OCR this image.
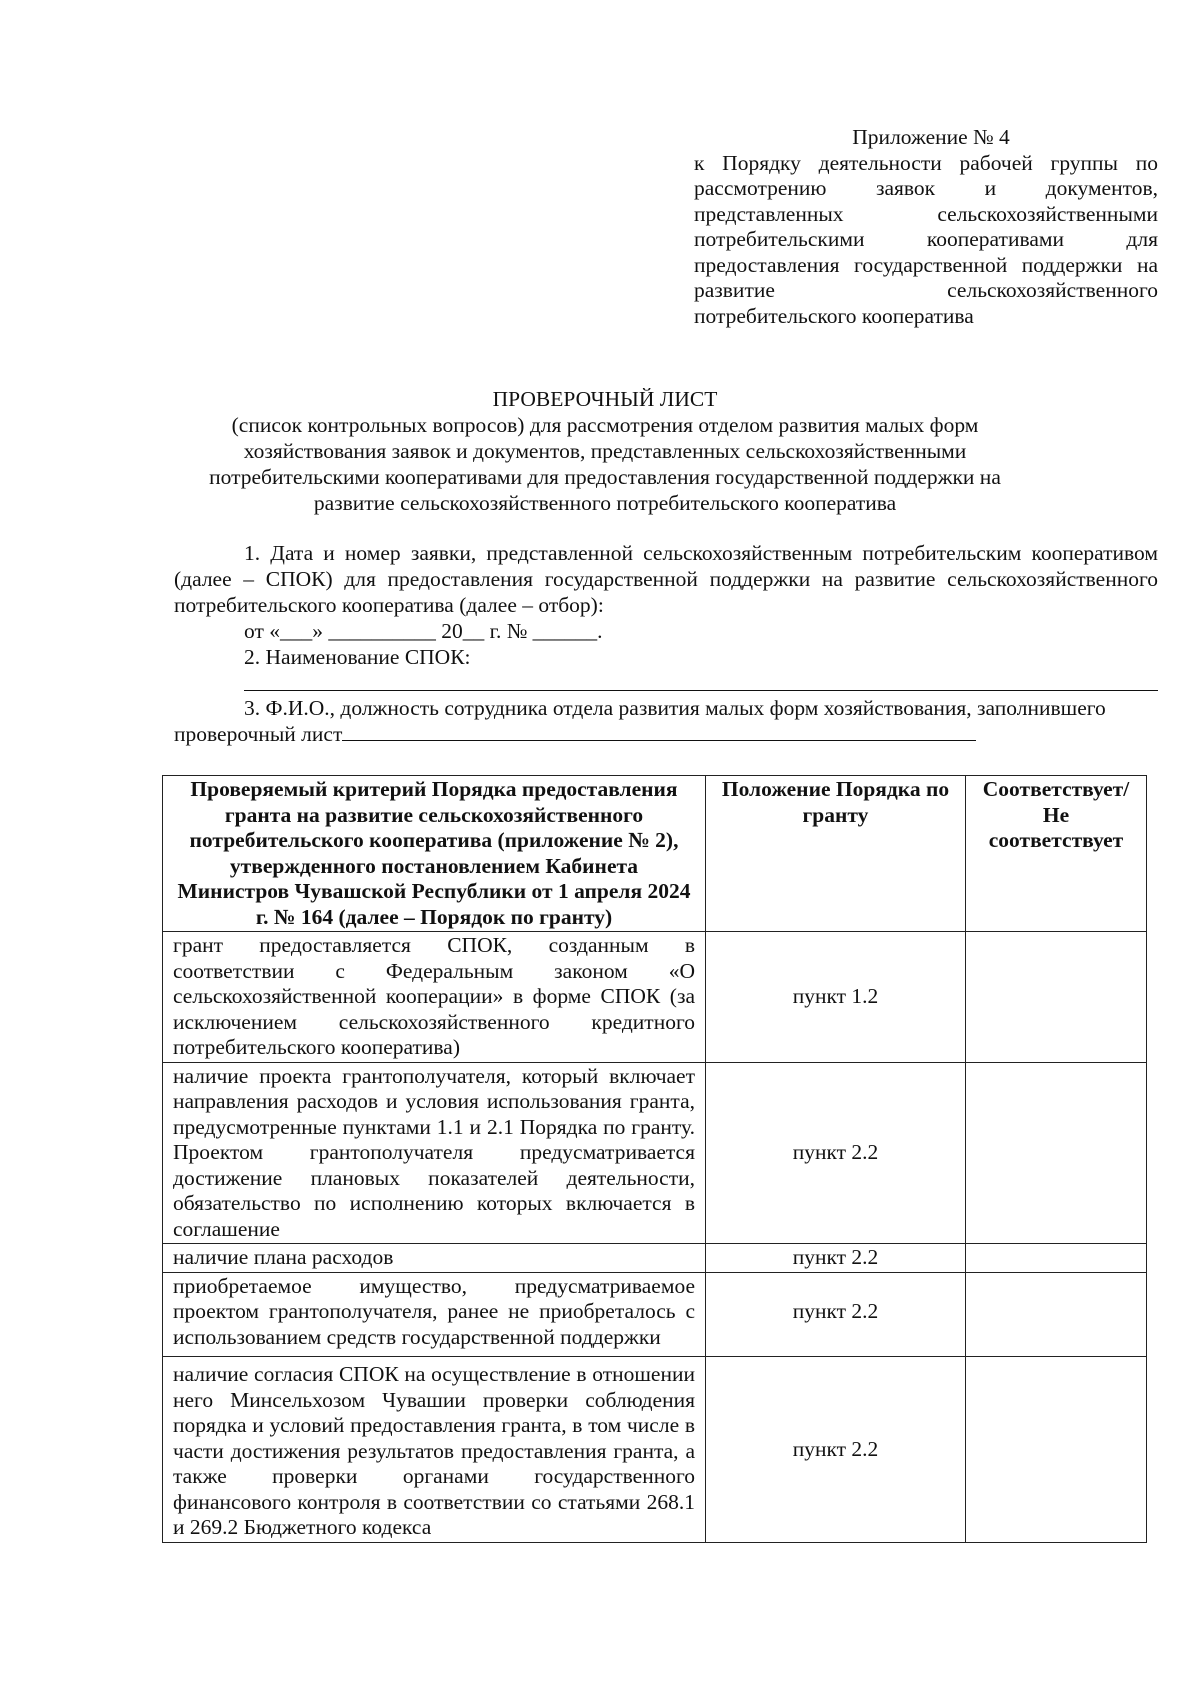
Приложение № 4
к Порядку деятельности рабочей группы по рассмотрению заявок и документов, представленных сельскохозяйственными потребительскими кооперативами для предоставления государственной поддержки на развитие сельскохозяйственного потребительского кооператива
ПРОВЕРОЧНЫЙ ЛИСТ
(список контрольных вопросов) для рассмотрения отделом развития малых форм хозяйствования заявок и документов, представленных сельскохозяйственными потребительскими кооперативами для предоставления государственной поддержки на развитие сельскохозяйственного потребительского кооператива

1. Дата и номер заявки, представленной сельскохозяйственным потребительским кооперативом (далее – СПОК) для предоставления государственной поддержки на развитие сельскохозяйственного потребительского кооператива (далее – отбор):

от «___» __________ 20__ г. № ______.

2. Наименование СПОК:

3. Ф.И.О., должность сотрудника отдела развития малых форм хозяйствования, заполнившего проверочный лист

Проверяемый критерий Порядка предоставления гранта на развитие сельскохозяйственного потребительского кооператива (приложение № 2), утвержденного постановлением Кабинета Министров Чувашской Республики от 1 апреля 2024 г. № 164 (далее – Порядок по гранту)	Положение Порядка по гранту	Соответствует/Не соответствует
грант предоставляется СПОК, созданным в соответствии с Федеральным законом «О сельскохозяйственной кооперации» в форме СПОК (за исключением сельскохозяйственного кредитного потребительского кооператива)	пункт 1.2	
наличие проекта грантополучателя, который включает направления расходов и условия использования гранта, предусмотренные пунктами 1.1 и 2.1 Порядка по гранту. Проектом грантополучателя предусматривается достижение плановых показателей деятельности, обязательство по исполнению которых включается в соглашение	пункт 2.2	
наличие плана расходов	пункт 2.2	
приобретаемое имущество, предусматриваемое проектом грантополучателя, ранее не приобреталось с использованием средств государственной поддержки	пункт 2.2	
наличие согласия СПОК на осуществление в отношении него Минсельхозом Чувашии проверки соблюдения порядка и условий предоставления гранта, в том числе в части достижения результатов предоставления гранта, а также проверки органами государственного финансового контроля в соответствии со статьями 268.1 и 269.2 Бюджетного кодекса	пункт 2.2	
